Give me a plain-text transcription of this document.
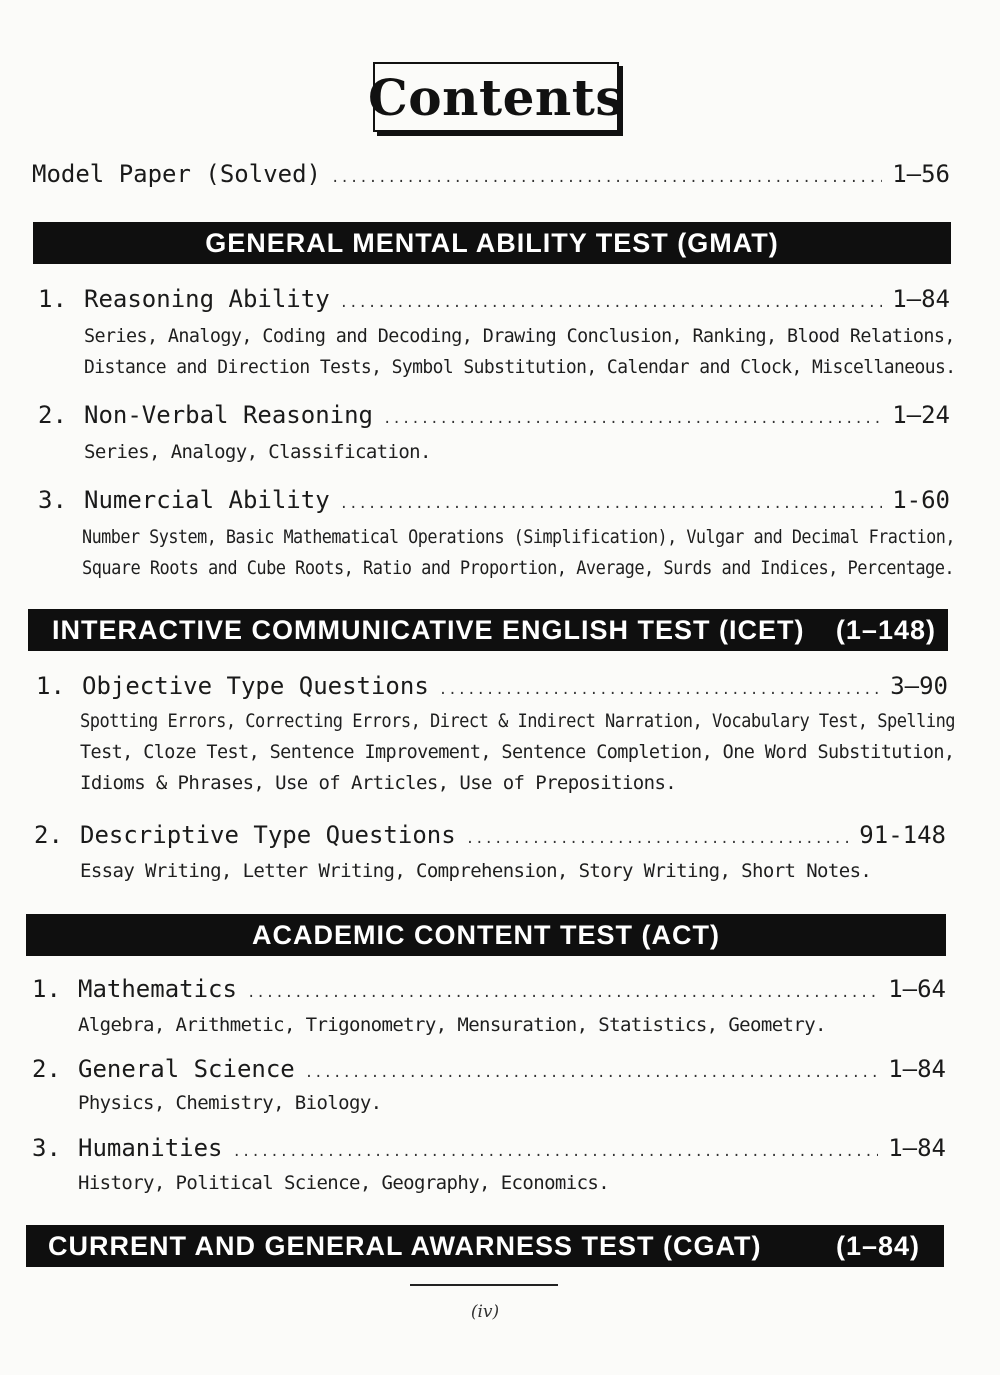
Contents
Model Paper (Solved) .....	1–56
GENERAL MENTAL ABILITY TEST (GMAT)
1. Reasoning Ability .....	1–84
Series, Analogy, Coding and Decoding, Drawing Conclusion, Ranking, Blood Relations,
Distance and Direction Tests, Symbol Substitution, Calendar and Clock, Miscellaneous.
2. Non-Verbal Reasoning .....	1–24
Series, Analogy, Classification.
3. Numercial Ability .....	1-60
Number System, Basic Mathematical Operations (Simplification), Vulgar and Decimal Fraction,
Square Roots and Cube Roots, Ratio and Proportion, Average, Surds and Indices, Percentage.
INTERACTIVE COMMUNICATIVE ENGLISH TEST (ICET) (1–148)
1. Objective Type Questions .....	3–90
Spotting Errors, Correcting Errors, Direct & Indirect Narration, Vocabulary Test, Spelling
Test, Cloze Test, Sentence Improvement, Sentence Completion, One Word Substitution,
Idioms & Phrases, Use of Articles, Use of Prepositions.
2. Descriptive Type Questions .....	91-148
Essay Writing, Letter Writing, Comprehension, Story Writing, Short Notes.
ACADEMIC CONTENT TEST (ACT)
1. Mathematics .....	1–64
Algebra, Arithmetic, Trigonometry, Mensuration, Statistics, Geometry.
2. General Science .....	1–84
Physics, Chemistry, Biology.
3. Humanities .....	1–84
History, Political Science, Geography, Economics.
CURRENT AND GENERAL AWARNESS TEST (CGAT)	(1–84)
(iv)
